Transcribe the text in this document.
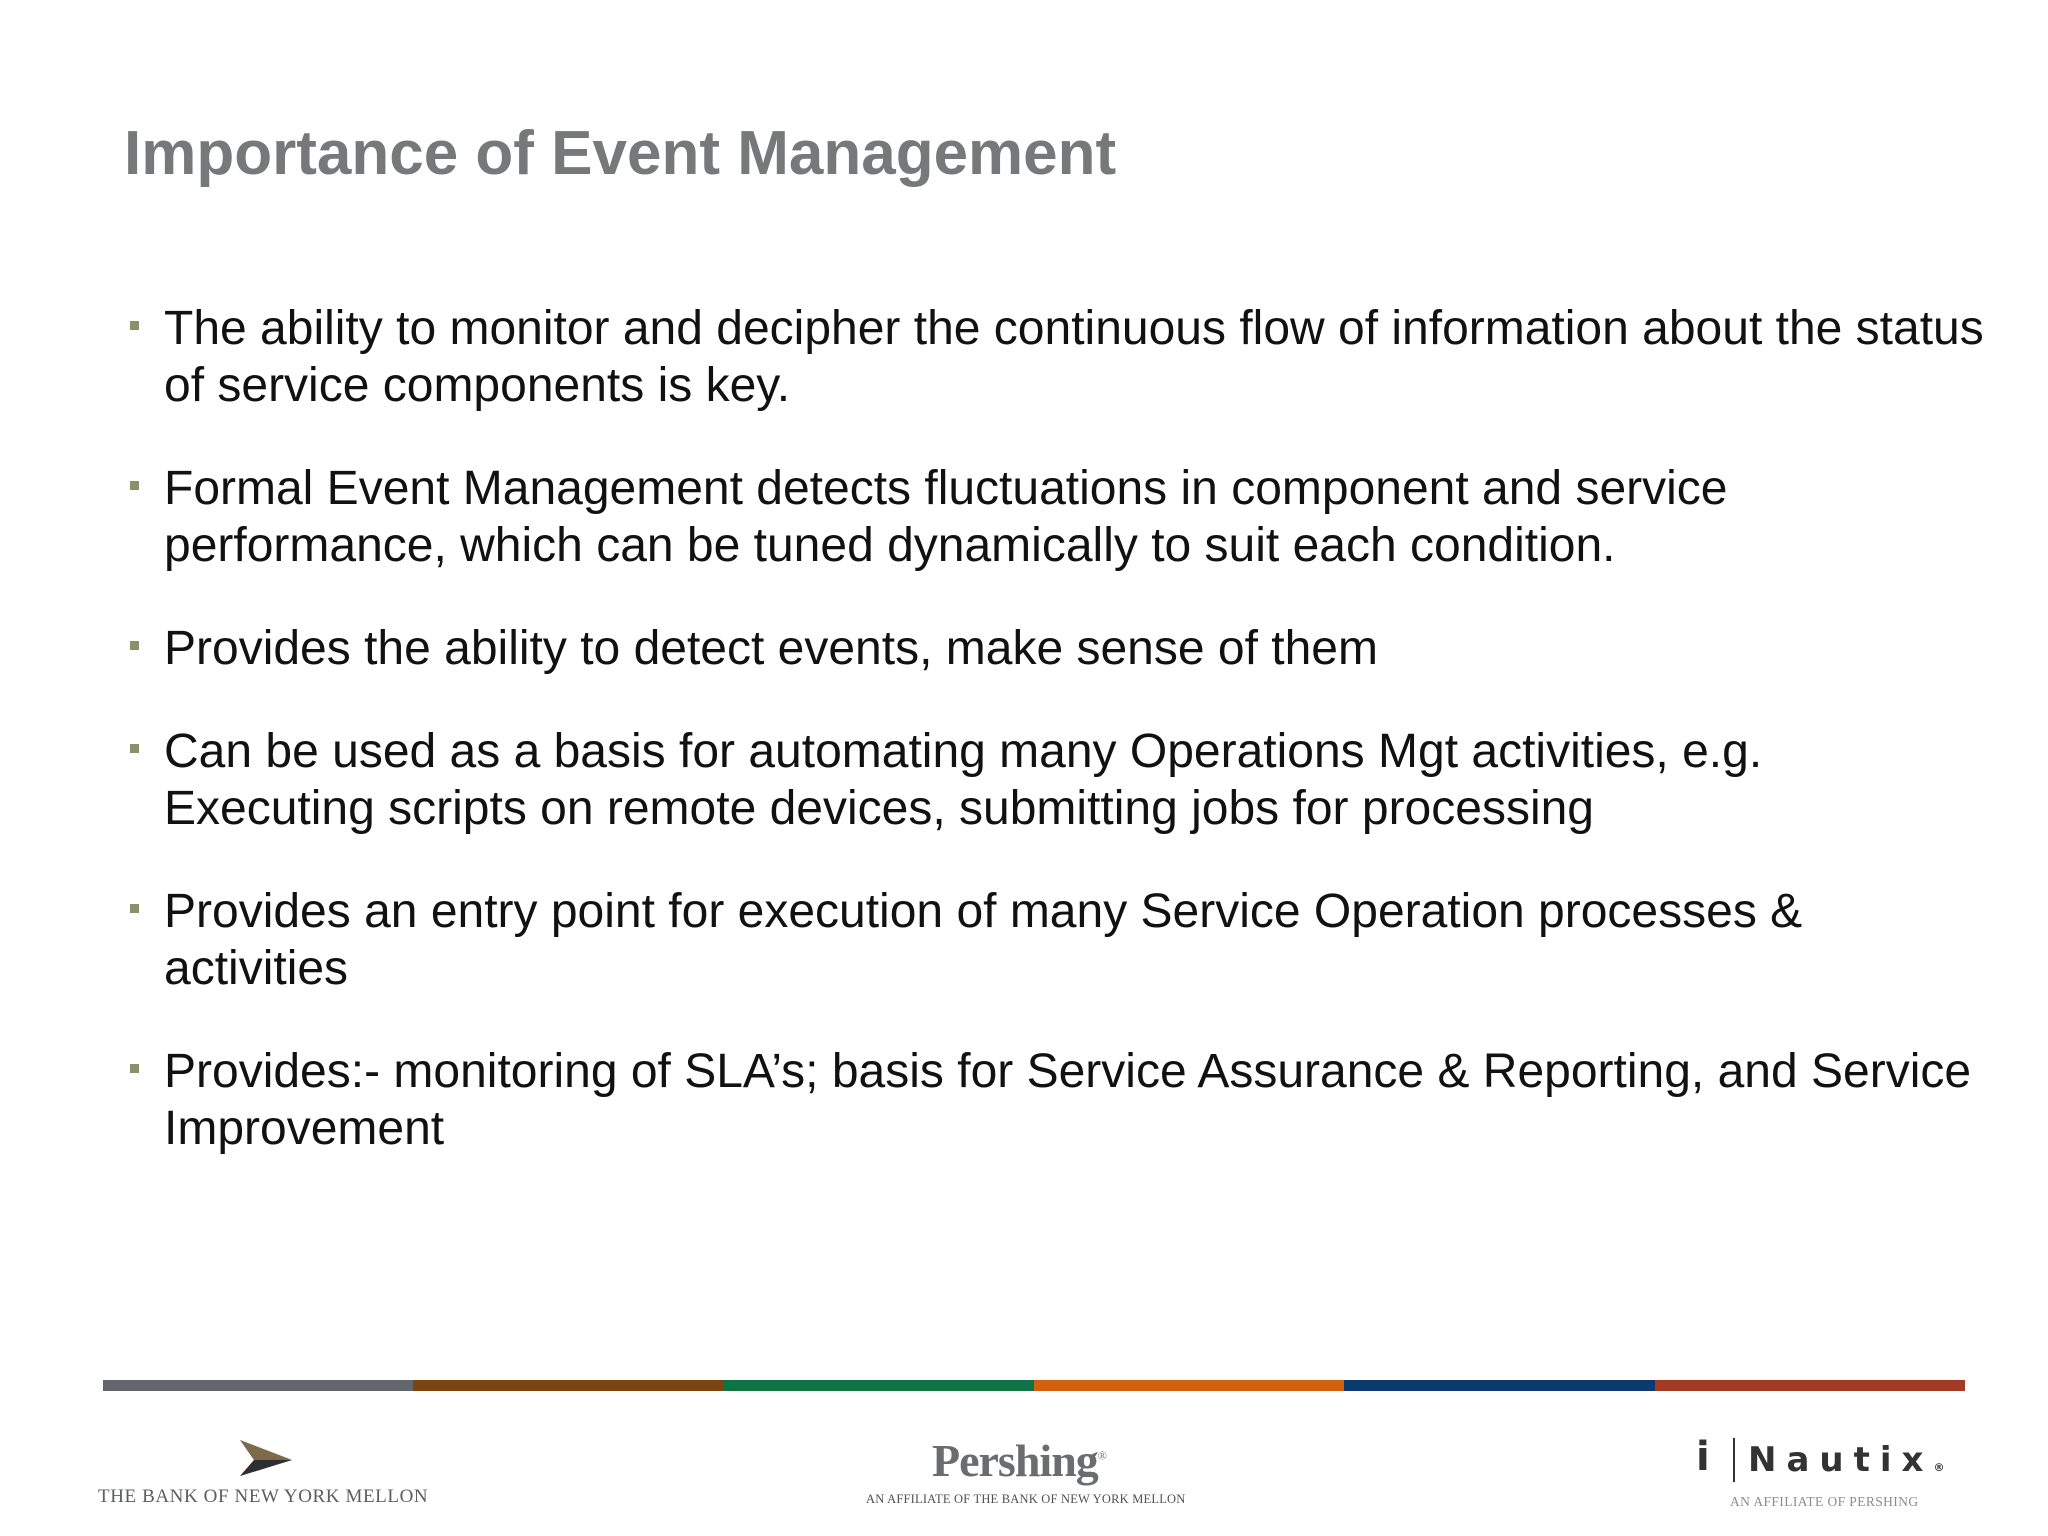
Importance of Event Management
The ability to monitor and decipher the continuous flow of information about the status of service components is key.
Formal Event Management detects fluctuations in component and service performance, which can be tuned dynamically to suit each condition.
Provides the ability to detect events, make sense of them
Can be used as a basis for automating many Operations Mgt activities, e.g. Executing scripts on remote devices, submitting jobs for processing
Provides an entry point for execution of many Service Operation processes & activities
Provides:- monitoring of SLA’s; basis for Service Assurance & Reporting, and Service Improvement
THE BANK OF NEW YORK MELLON
Pershing®
AN AFFILIATE OF THE BANK OF NEW YORK MELLON
i Nautix®
AN AFFILIATE OF PERSHING
